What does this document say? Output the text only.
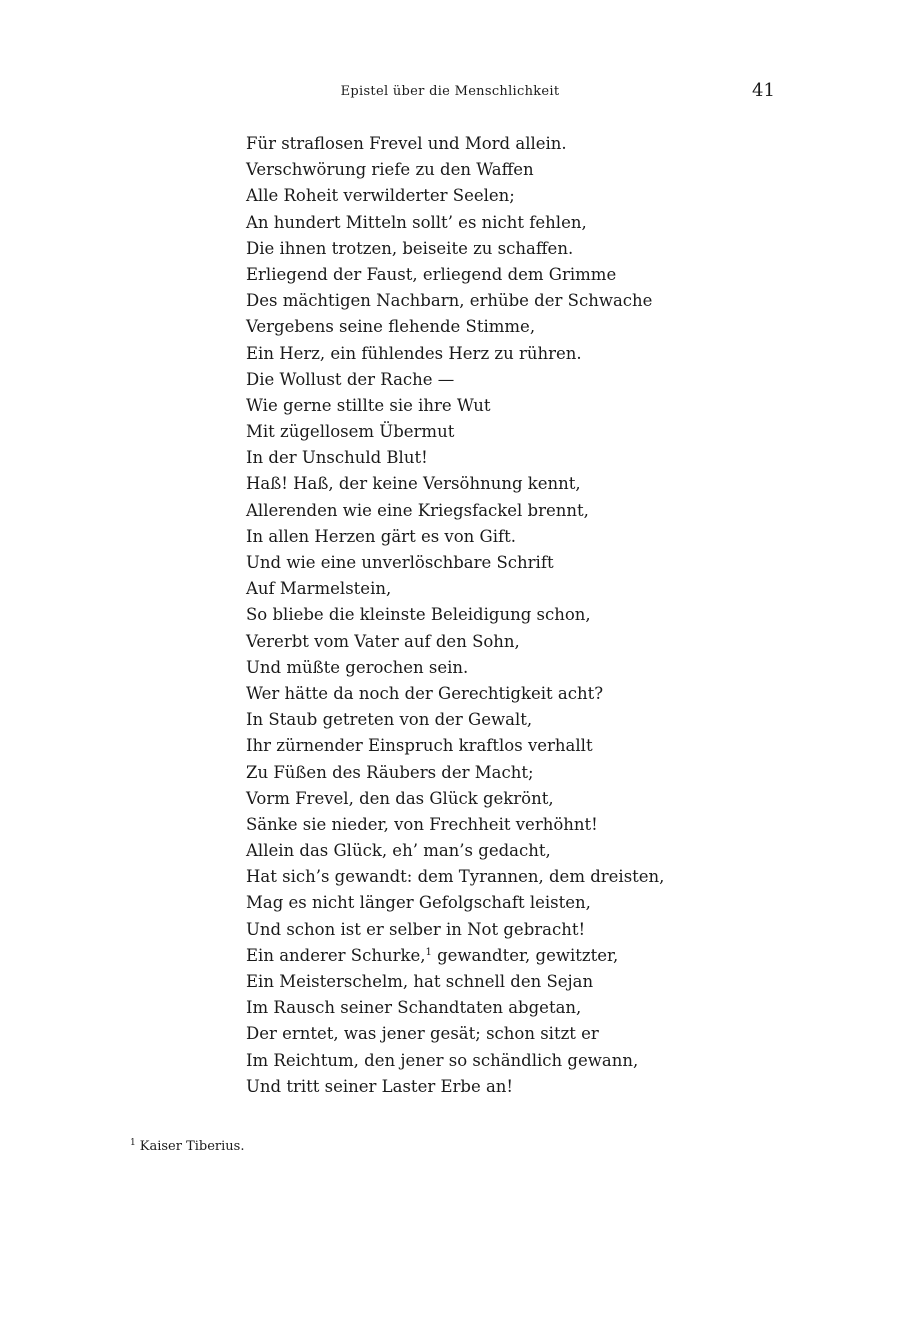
Epistel über die Menschlichkeit	41
Für straflosen Frevel und Mord allein.
Verschwörung riefe zu den Waffen
Alle Roheit verwilderter Seelen;
An hundert Mitteln sollt’ es nicht fehlen,
Die ihnen trotzen, beiseite zu schaffen.
Erliegend der Faust, erliegend dem Grimme
Des mächtigen Nachbarn, erhübe der Schwache
Vergebens seine flehende Stimme,
Ein Herz, ein fühlendes Herz zu rühren.
Die Wollust der Rache —
Wie gerne stillte sie ihre Wut
Mit zügellosem Übermut
In der Unschuld Blut!
Haß! Haß, der keine Versöhnung kennt,
Allerenden wie eine Kriegsfackel brennt,
In allen Herzen gärt es von Gift.
Und wie eine unverlöschbare Schrift
Auf Marmelstein,
So bliebe die kleinste Beleidigung schon,
Vererbt vom Vater auf den Sohn,
Und müßte gerochen sein.
Wer hätte da noch der Gerechtigkeit acht?
In Staub getreten von der Gewalt,
Ihr zürnender Einspruch kraftlos verhallt
Zu Füßen des Räubers der Macht;
Vorm Frevel, den das Glück gekrönt,
Sänke sie nieder, von Frechheit verhöhnt!
Allein das Glück, eh’ man’s gedacht,
Hat sich’s gewandt: dem Tyrannen, dem dreisten,
Mag es nicht länger Gefolgschaft leisten,
Und schon ist er selber in Not gebracht!
Ein anderer Schurke,$^1$ gewandter, gewitzter,
Ein Meisterschelm, hat schnell den Sejan
Im Rausch seiner Schandtaten abgetan,
Der erntet, was jener gesät; schon sitzt er
Im Reichtum, den jener so schändlich gewann,
Und tritt seiner Laster Erbe an!
$^1$ Kaiser Tiberius.
